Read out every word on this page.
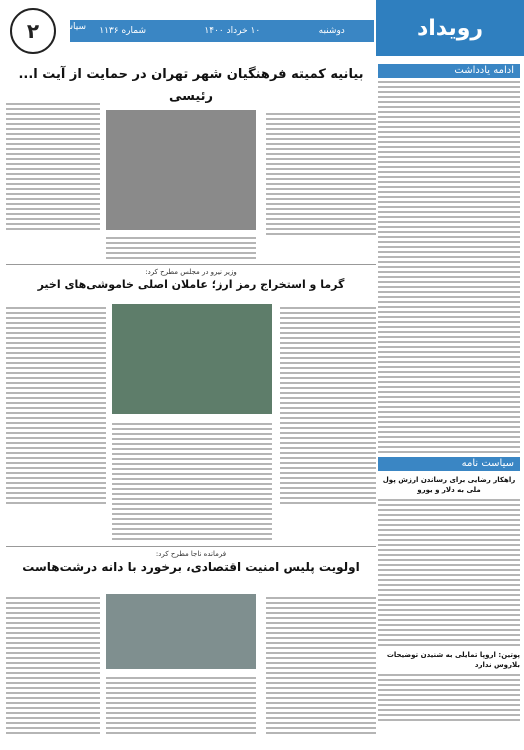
رویداد
دوشنبه
۱۰ خرداد ۱۴۰۰
شماره ۱۱۳۶
سیاسی
۲
ادامه یادداشت
سیاست نامه
راهکار رضایی برای رساندن ارزش پول ملی به دلار و یورو
پوتین: اروپا تمایلی به شنیدن توضیحات بلاروس ندارد
بیانیه کمیته فرهنگیان شهر تهران در حمایت از آیت ا... رئیسی
وزیر نیرو در مجلس مطرح کرد:
گرما و استخراج رمز ارز؛ عاملان اصلی خاموشی‌های اخیر
فرمانده ناجا مطرح کرد:
اولویت پلیس امنیت اقتصادی، برخورد با دانه درشت‌هاست
